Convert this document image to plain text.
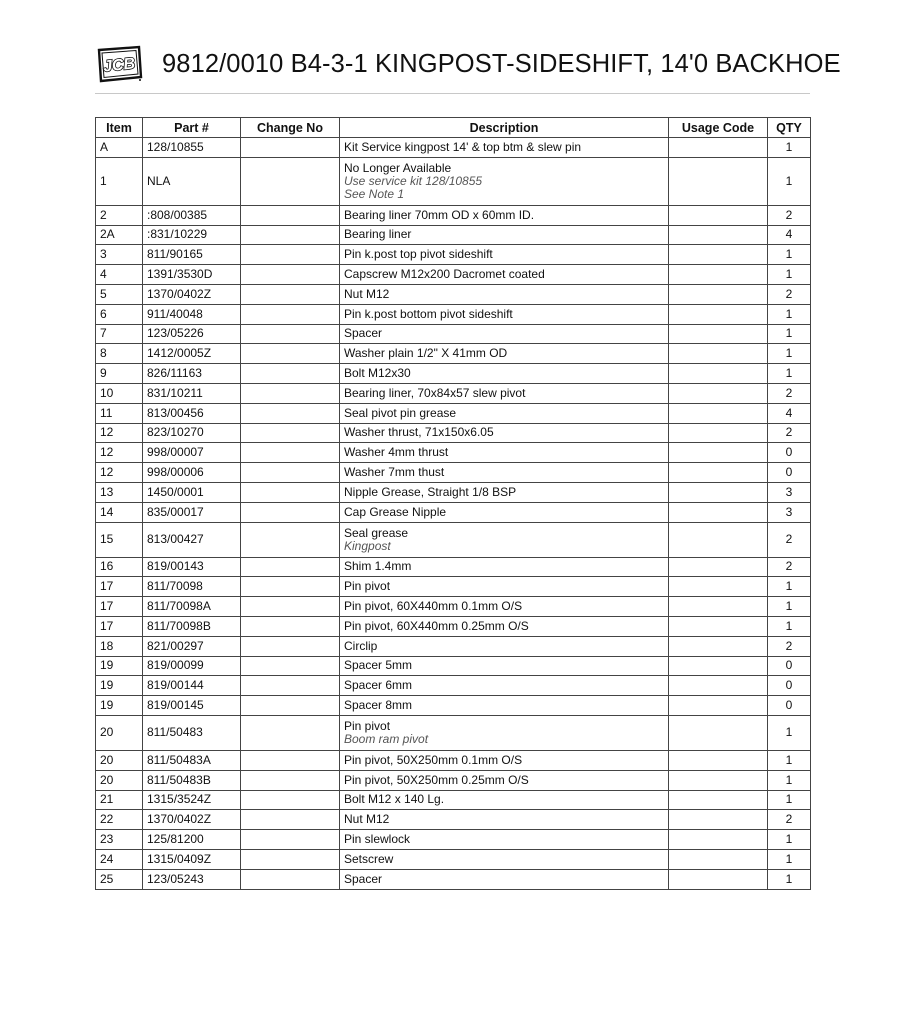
JCB 9812/0010 B4-3-1 KINGPOST-SIDESHIFT, 14'0 BACKHOE
Item	Part #	Change No	Description	Usage Code	QTY
A	128/10855		Kit Service kingpost 14' & top btm & slew pin		1
1	NLA		No Longer Available
Use service kit 128/10855
See Note 1		1
2	:808/00385		Bearing liner 70mm OD x 60mm ID.		2
2A	:831/10229		Bearing liner		4
3	811/90165		Pin k.post top pivot sideshift		1
4	1391/3530D		Capscrew M12x200 Dacromet coated		1
5	1370/0402Z		Nut M12		2
6	911/40048		Pin k.post bottom pivot sideshift		1
7	123/05226		Spacer		1
8	1412/0005Z		Washer plain 1/2" X 41mm OD		1
9	826/11163		Bolt M12x30		1
10	831/10211		Bearing liner, 70x84x57 slew pivot		2
11	813/00456		Seal pivot pin grease		4
12	823/10270		Washer thrust, 71x150x6.05		2
12	998/00007		Washer 4mm thrust		0
12	998/00006		Washer 7mm thust		0
13	1450/0001		Nipple Grease, Straight 1/8 BSP		3
14	835/00017		Cap Grease Nipple		3
15	813/00427		Seal grease
Kingpost		2
16	819/00143		Shim 1.4mm		2
17	811/70098		Pin pivot		1
17	811/70098A		Pin pivot, 60X440mm 0.1mm O/S		1
17	811/70098B		Pin pivot, 60X440mm 0.25mm O/S		1
18	821/00297		Circlip		2
19	819/00099		Spacer 5mm		0
19	819/00144		Spacer 6mm		0
19	819/00145		Spacer 8mm		0
20	811/50483		Pin pivot
Boom ram pivot		1
20	811/50483A		Pin pivot, 50X250mm 0.1mm O/S		1
20	811/50483B		Pin pivot, 50X250mm 0.25mm O/S		1
21	1315/3524Z		Bolt M12 x 140 Lg.		1
22	1370/0402Z		Nut M12		2
23	125/81200		Pin slewlock		1
24	1315/0409Z		Setscrew		1
25	123/05243		Spacer		1
